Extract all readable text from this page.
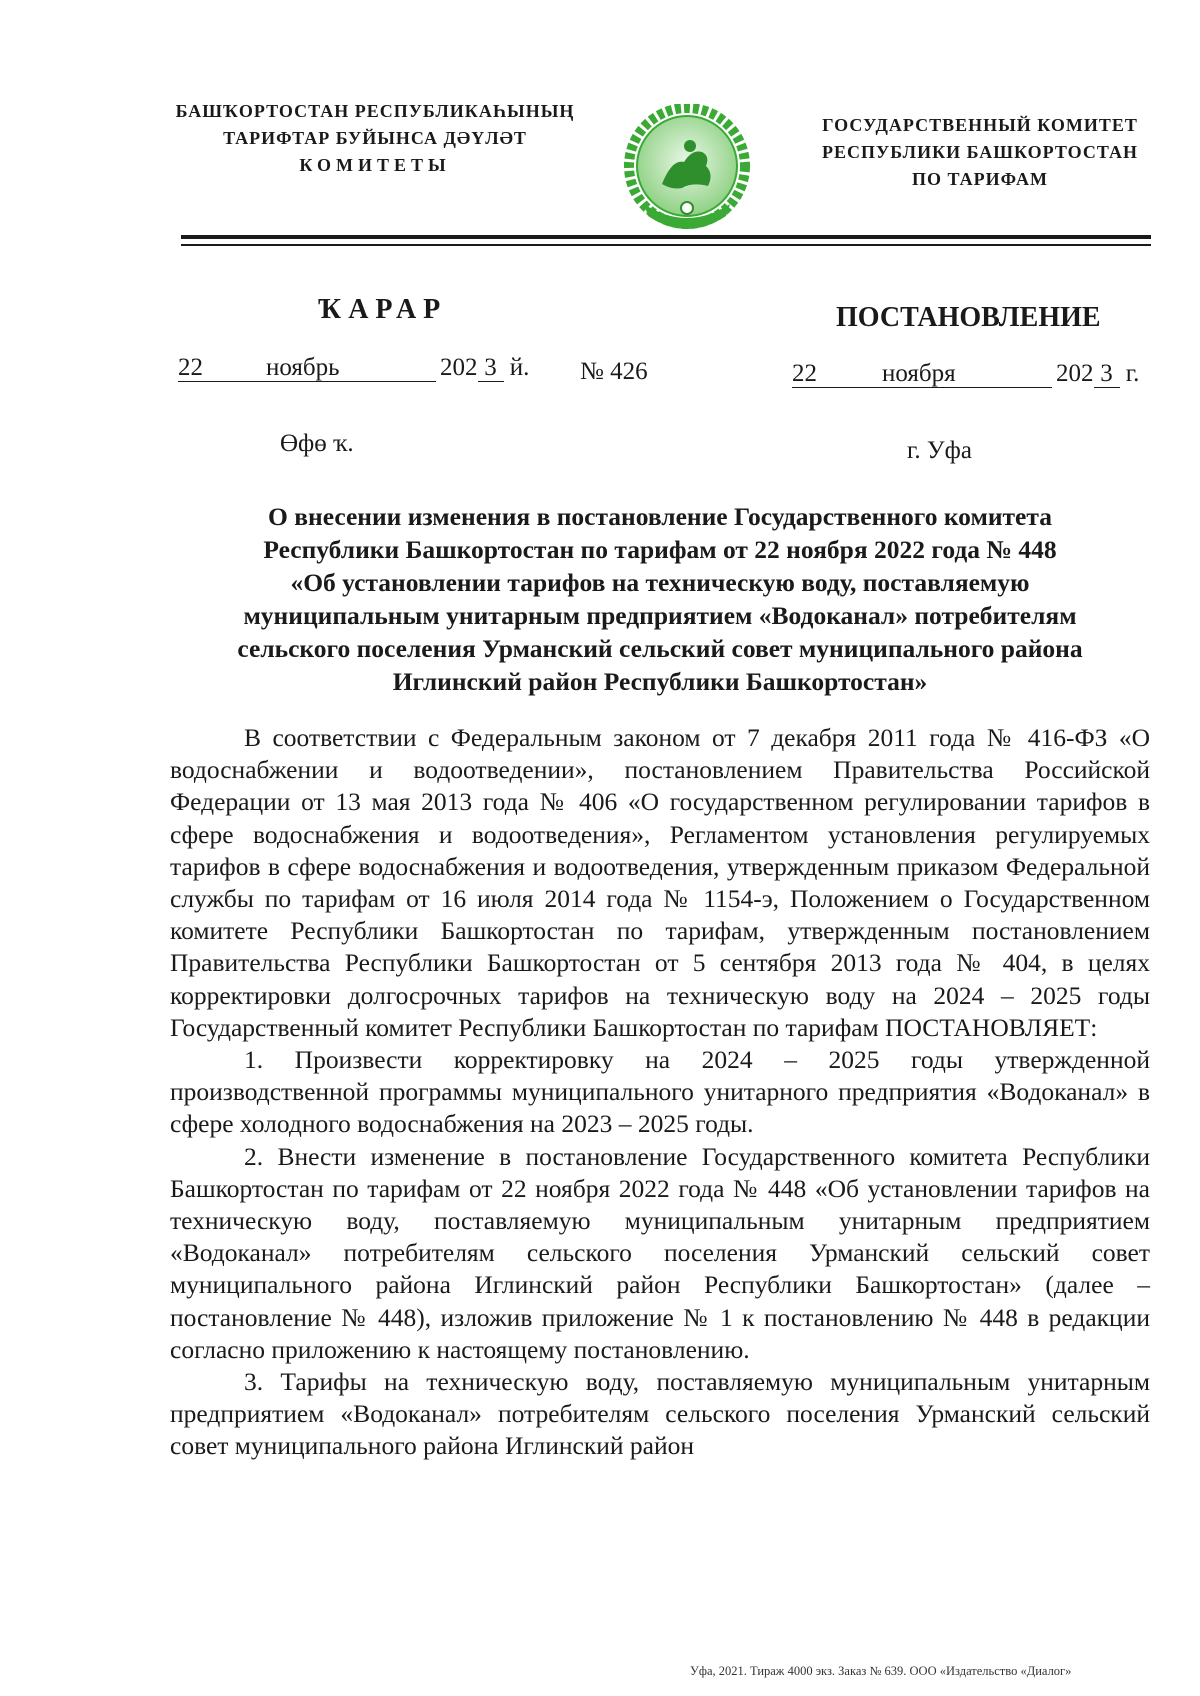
БАШҠОРТОСТАН РЕСПУБЛИКАҺЫНЫҢ
ТАРИФТАР БУЙЫНСА ДӘҮЛӘТ
КОМИТЕТЫ
ГОСУДАРСТВЕННЫЙ КОМИТЕТ
РЕСПУБЛИКИ БАШКОРТОСТАН
ПО ТАРИФАМ
ҠАРАР	ПОСТАНОВЛЕНИЕ
22	ноябрь	202 3 й. № 426	22	ноября	202 3 г.
Өфө ҡ.	г. Уфа
О внесении изменения в постановление Государственного комитета
Республики Башкортостан по тарифам от 22 ноября 2022 года № 448
«Об установлении тарифов на техническую воду, поставляемую
муниципальным унитарным предприятием «Водоканал» потребителям
сельского поселения Урманский сельский совет муниципального района
Иглинский район Республики Башкортостан»

В соответствии с Федеральным законом от 7 декабря 2011 года № 416-ФЗ «О водоснабжении и водоотведении», постановлением Правительства Российской Федерации от 13 мая 2013 года № 406 «О государственном регулировании тарифов в сфере водоснабжения и водоотведения», Регламентом установления регулируемых тарифов в сфере водоснабжения и водоотведения, утвержденным приказом Федеральной службы по тарифам от 16 июля 2014 года № 1154-э, Положением о Государственном комитете Республики Башкортостан по тарифам, утвержденным постановлением Правительства Республики Башкортостан от 5 сентября 2013 года № 404, в целях корректировки долгосрочных тарифов на техническую воду на 2024 – 2025 годы Государственный комитет Республики Башкортостан по тарифам ПОСТАНОВЛЯЕТ:

1. Произвести корректировку на 2024 – 2025 годы утвержденной производственной программы муниципального унитарного предприятия «Водоканал» в сфере холодного водоснабжения на 2023 – 2025 годы.

2. Внести изменение в постановление Государственного комитета Республики Башкортостан по тарифам от 22 ноября 2022 года № 448 «Об установлении тарифов на техническую воду, поставляемую муниципальным унитарным предприятием «Водоканал» потребителям сельского поселения Урманский сельский совет муниципального района Иглинский район Республики Башкортостан» (далее – постановление № 448), изложив приложение № 1 к постановлению № 448 в редакции согласно приложению к настоящему постановлению.

3. Тарифы на техническую воду, поставляемую муниципальным унитарным предприятием «Водоканал» потребителям сельского поселения Урманский сельский совет муниципального района Иглинский район

Уфа, 2021. Тираж 4000 экз. Заказ № 639. ООО «Издательство «Диалог»
